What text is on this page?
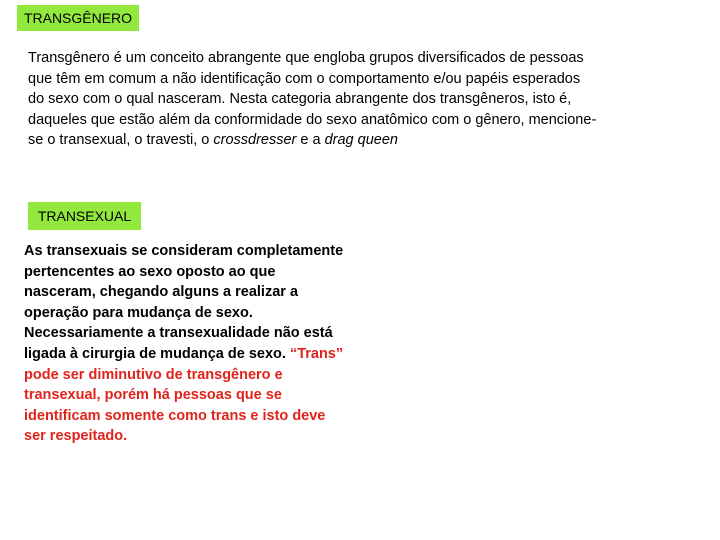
TRANSGÊNERO

Transgênero é um conceito abrangente que engloba grupos diversificados de pessoas
que têm em comum a não identificação com o comportamento e/ou papéis esperados
do sexo com o qual nasceram. Nesta categoria abrangente dos transgêneros, isto é,
daqueles que estão além da conformidade do sexo anatômico com o gênero, mencione-
se o transexual, o travesti, o crossdresser e a drag queen

TRANSEXUAL

As transexuais se consideram completamente
pertencentes ao sexo oposto ao que
nasceram, chegando alguns a realizar a
operação para mudança de sexo.
Necessariamente a transexualidade não está
ligada à cirurgia de mudança de sexo. “Trans”
pode ser diminutivo de transgênero e
transexual, porém há pessoas que se
identificam somente como trans e isto deve
ser respeitado.
